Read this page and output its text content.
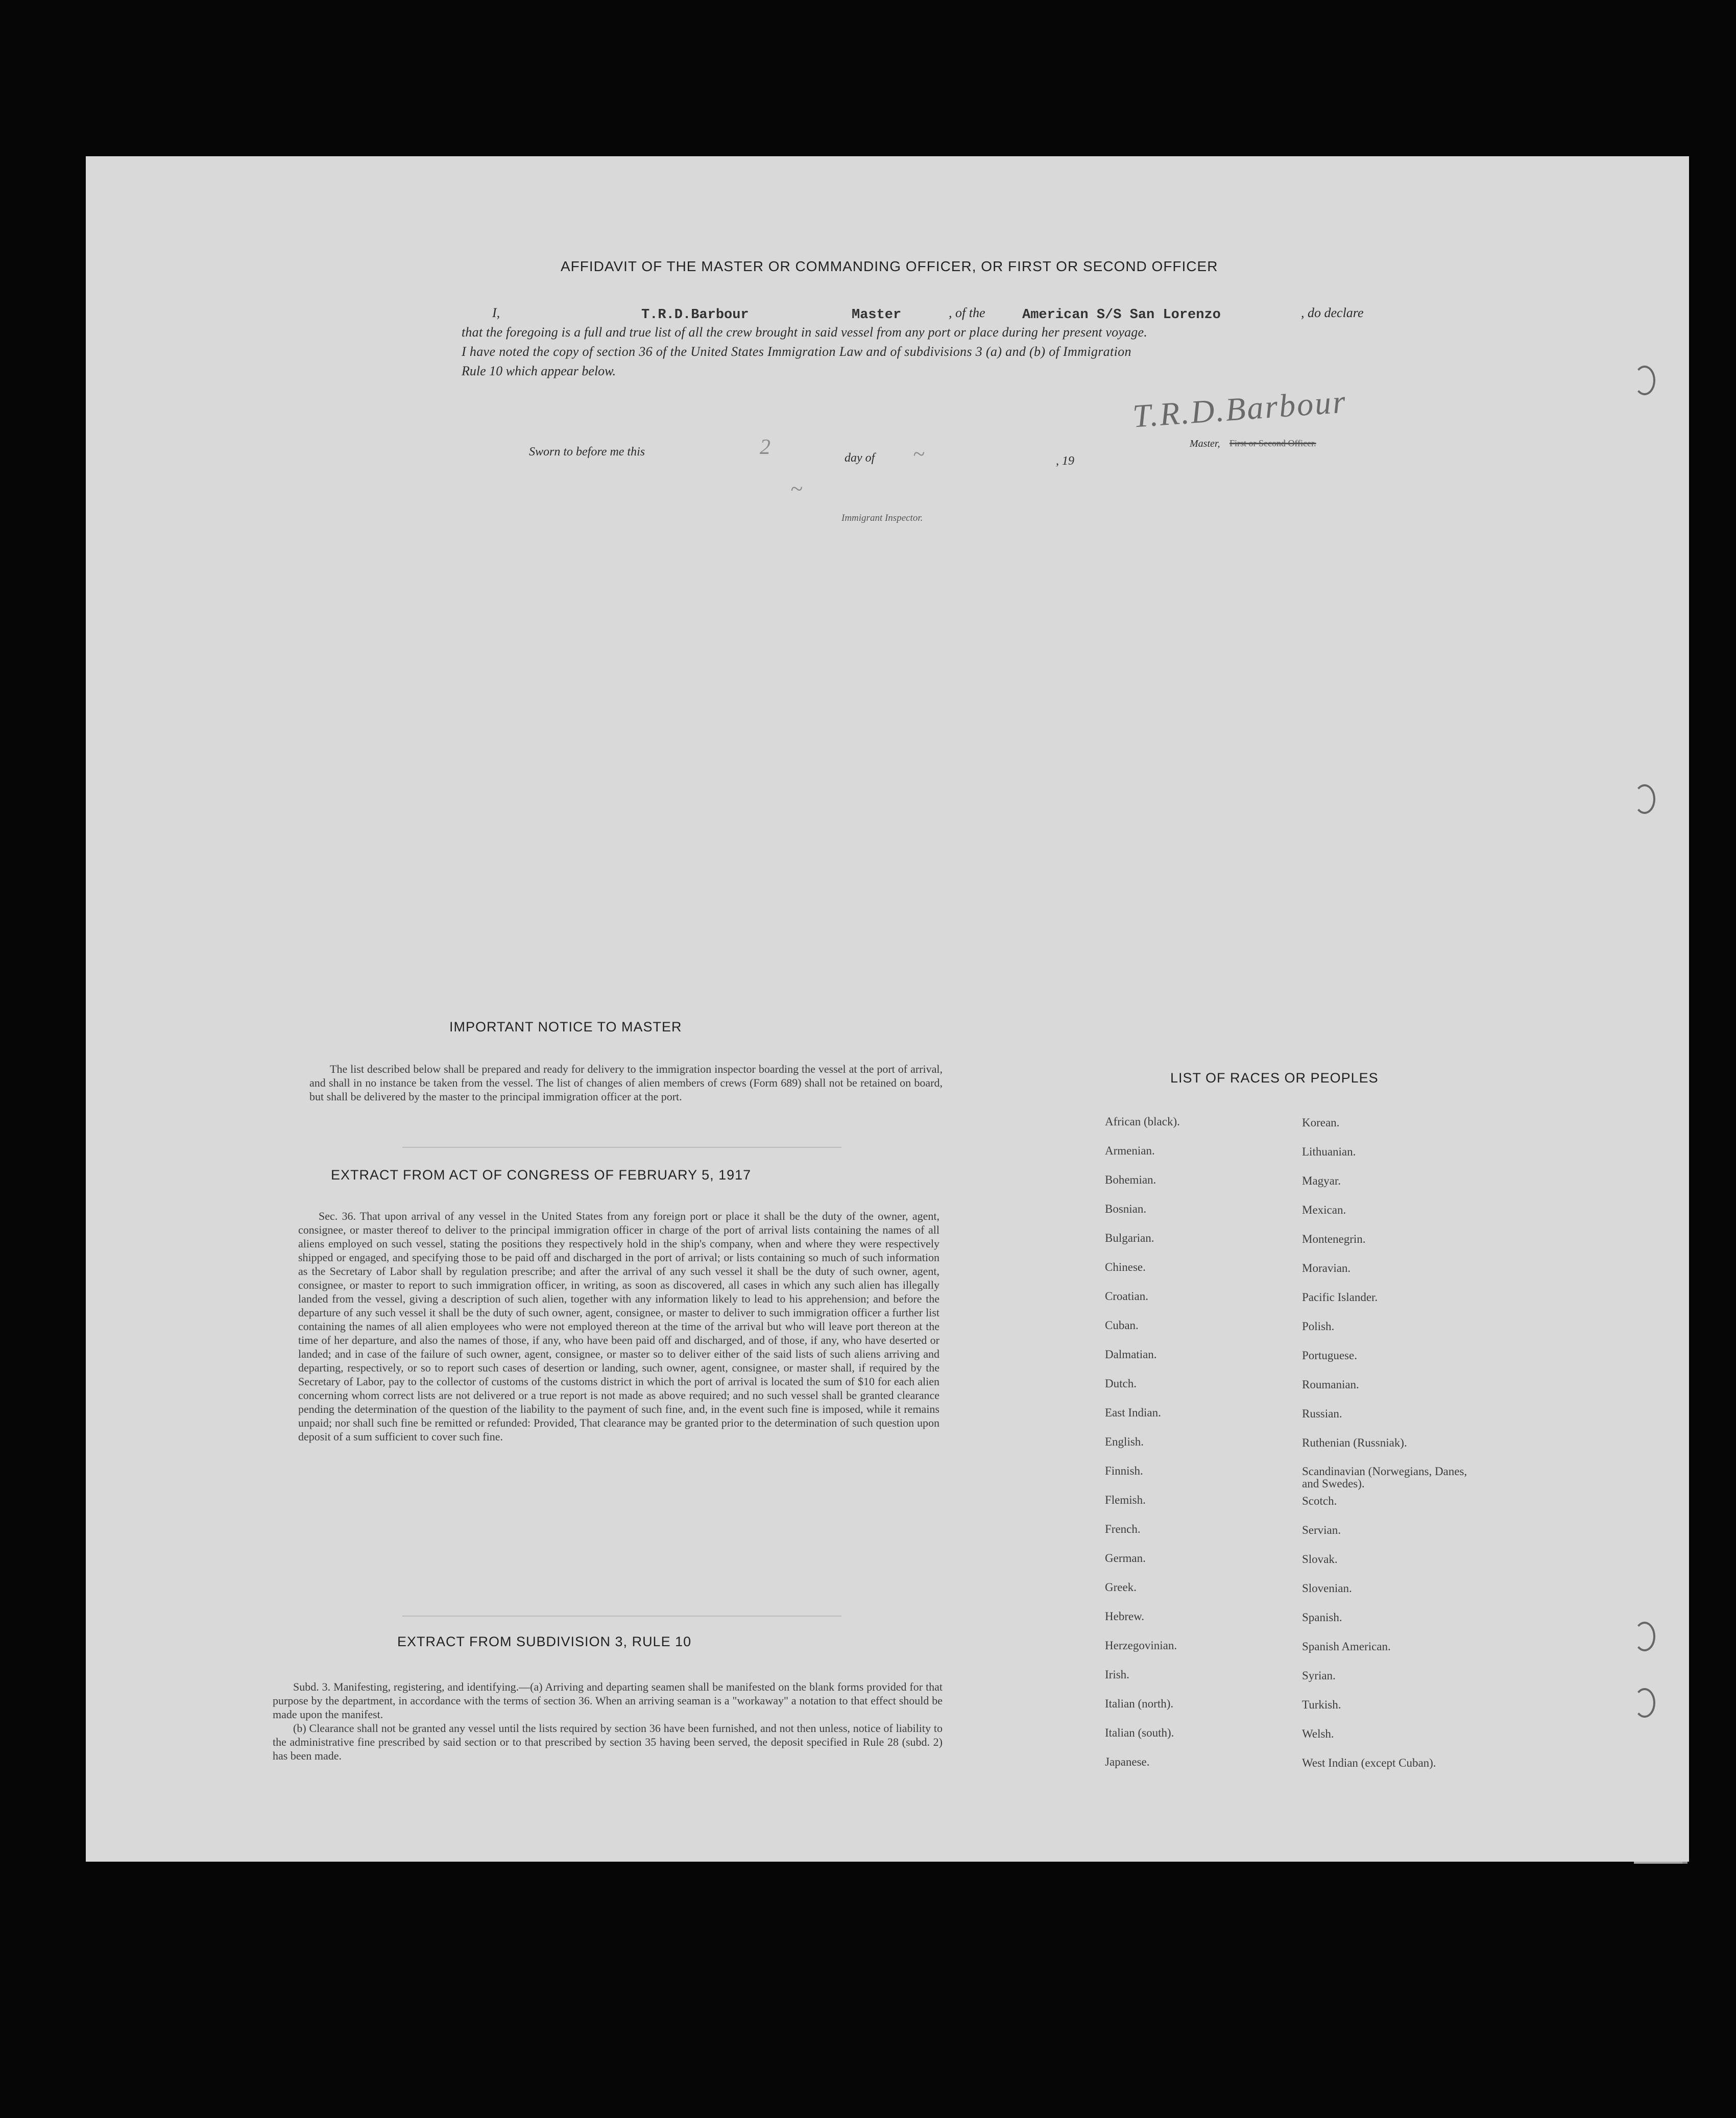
AFFIDAVIT OF THE MASTER OR COMMANDING OFFICER, OR FIRST OR SECOND OFFICER
I,	T.R.D.Barbour	Master	, of the	American S/S San Lorenzo	, do declare
that the foregoing is a full and true list of all the crew brought in said vessel from any port or place during her present voyage.
I have noted the copy of section 36 of the United States Immigration Law and of subdivisions 3 (a) and (b) of Immigration
Rule 10 which appear below.
T.R.D.Barbour
Master, First or Second Officer.
Sworn to before me this	2	day of ~	, 19
~
Immigrant Inspector.
IMPORTANT NOTICE TO MASTER

The list described below shall be prepared and ready for delivery to the immigration inspector boarding the vessel at the port of arrival, and shall in no instance be taken from the vessel. The list of changes of alien members of crews (Form 689) shall not be retained on board, but shall be delivered by the master to the principal immigration officer at the port.

EXTRACT FROM ACT OF CONGRESS OF FEBRUARY 5, 1917

Sec. 36. That upon arrival of any vessel in the United States from any foreign port or place it shall be the duty of the owner, agent, consignee, or master thereof to deliver to the principal immigration officer in charge of the port of arrival lists containing the names of all aliens employed on such vessel, stating the positions they respectively hold in the ship's company, when and where they were respectively shipped or engaged, and specifying those to be paid off and discharged in the port of arrival; or lists containing so much of such information as the Secretary of Labor shall by regulation prescribe; and after the arrival of any such vessel it shall be the duty of such owner, agent, consignee, or master to report to such immigration officer, in writing, as soon as discovered, all cases in which any such alien has illegally landed from the vessel, giving a description of such alien, together with any information likely to lead to his apprehension; and before the departure of any such vessel it shall be the duty of such owner, agent, consignee, or master to deliver to such immigration officer a further list containing the names of all alien employees who were not employed thereon at the time of the arrival but who will leave port thereon at the time of her departure, and also the names of those, if any, who have been paid off and discharged, and of those, if any, who have deserted or landed; and in case of the failure of such owner, agent, consignee, or master so to deliver either of the said lists of such aliens arriving and departing, respectively, or so to report such cases of desertion or landing, such owner, agent, consignee, or master shall, if required by the Secretary of Labor, pay to the collector of customs of the customs district in which the port of arrival is located the sum of $10 for each alien concerning whom correct lists are not delivered or a true report is not made as above required; and no such vessel shall be granted clearance pending the determination of the question of the liability to the payment of such fine, and, in the event such fine is imposed, while it remains unpaid; nor shall such fine be remitted or refunded: Provided, That clearance may be granted prior to the determination of such question upon deposit of a sum sufficient to cover such fine.

EXTRACT FROM SUBDIVISION 3, RULE 10

Subd. 3. Manifesting, registering, and identifying.—(a) Arriving and departing seamen shall be manifested on the blank forms provided for that purpose by the department, in accordance with the terms of section 36. When an arriving seaman is a "workaway" a notation to that effect should be made upon the manifest.

(b) Clearance shall not be granted any vessel until the lists required by section 36 have been furnished, and not then unless, notice of liability to the administrative fine prescribed by said section or to that prescribed by section 35 having been served, the deposit specified in Rule 28 (subd. 2) has been made.

LIST OF RACES OR PEOPLES
African (black).
Armenian.
Bohemian.
Bosnian.
Bulgarian.
Chinese.
Croatian.
Cuban.
Dalmatian.
Dutch.
East Indian.
English.
Finnish.
Flemish.
French.
German.
Greek.
Hebrew.
Herzegovinian.
Irish.
Italian (north).
Italian (south).
Japanese.
Korean.
Lithuanian.
Magyar.
Mexican.
Montenegrin.
Moravian.
Pacific Islander.
Polish.
Portuguese.
Roumanian.
Russian.
Ruthenian (Russniak).
Scandinavian (Norwegians, Danes, and Swedes).
Scotch.
Servian.
Slovak.
Slovenian.
Spanish.
Spanish American.
Syrian.
Turkish.
Welsh.
West Indian (except Cuban).
